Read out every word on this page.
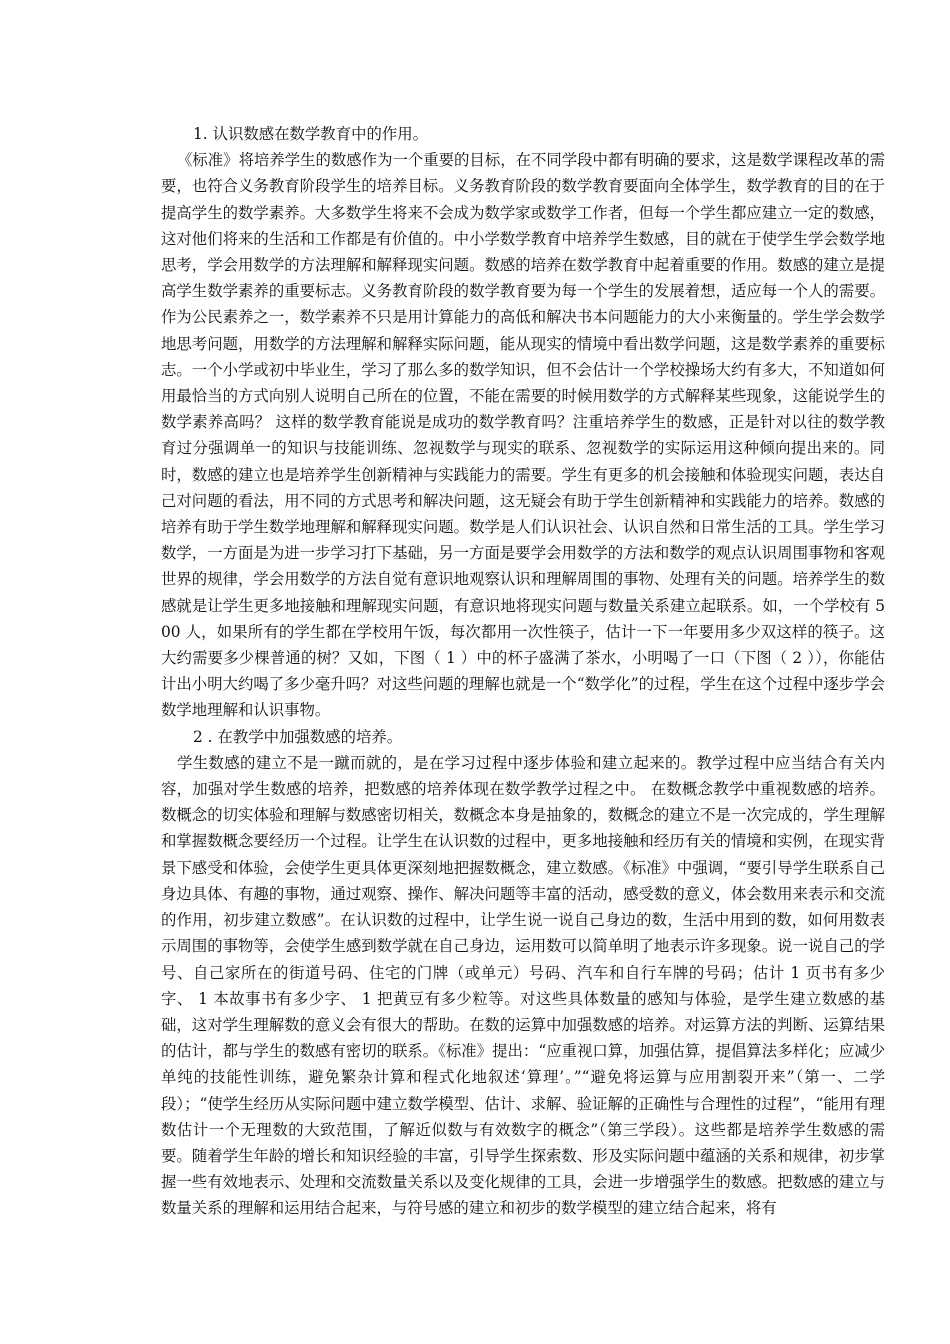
1. 认识数感在数学教育中的作用。

《标准》将培养学生的数感作为一个重要的目标，在不同学段中都有明确的要求，这是数学课程改革的需要，也符合义务教育阶段学生的培养目标。义务教育阶段的数学教育要面向全体学生，数学教育的目的在于提高学生的数学素养。大多数学生将来不会成为数学家或数学工作者，但每一个学生都应建立一定的数感，这对他们将来的生活和工作都是有价值的。中小学数学教育中培养学生数感，目的就在于使学生学会数学地思考，学会用数学的方法理解和解释现实问题。数感的培养在数学教育中起着重要的作用。数感的建立是提高学生数学素养的重要标志。义务教育阶段的数学教育要为每一个学生的发展着想，适应每一个人的需要。作为公民素养之一，数学素养不只是用计算能力的高低和解决书本问题能力的大小来衡量的。学生学会数学地思考问题，用数学的方法理解和解释实际问题，能从现实的情境中看出数学问题，这是数学素养的重要标志。一个小学或初中毕业生，学习了那么多的数学知识，但不会估计一个学校操场大约有多大，不知道如何用最恰当的方式向别人说明自己所在的位置，不能在需要的时候用数学的方式解释某些现象，这能说学生的数学素养高吗？ 这样的数学教育能说是成功的数学教育吗？注重培养学生的数感，正是针对以往的数学教育过分强调单一的知识与技能训练、忽视数学与现实的联系、忽视数学的实际运用这种倾向提出来的。同时，数感的建立也是培养学生创新精神与实践能力的需要。学生有更多的机会接触和体验现实问题，表达自己对问题的看法，用不同的方式思考和解决问题，这无疑会有助于学生创新精神和实践能力的培养。数感的培养有助于学生数学地理解和解释现实问题。数学是人们认识社会、认识自然和日常生活的工具。学生学习数学，一方面是为进一步学习打下基础，另一方面是要学会用数学的方法和数学的观点认识周围事物和客观世界的规律，学会用数学的方法自觉有意识地观察认识和理解周围的事物、处理有关的问题。培养学生的数感就是让学生更多地接触和理解现实问题，有意识地将现实问题与数量关系建立起联系。如，一个学校有 500 人，如果所有的学生都在学校用午饭，每次都用一次性筷子，估计一下一年要用多少双这样的筷子。这大约需要多少棵普通的树？又如，下图（ 1 ）中的杯子盛满了茶水，小明喝了一口（下图（ 2 ）），你能估计出小明大约喝了多少毫升吗？对这些问题的理解也就是一个“数学化”的过程，学生在这个过程中逐步学会数学地理解和认识事物。

2 . 在教学中加强数感的培养。

学生数感的建立不是一蹴而就的，是在学习过程中逐步体验和建立起来的。教学过程中应当结合有关内容，加强对学生数感的培养，把数感的培养体现在数学教学过程之中。 在数概念教学中重视数感的培养。数概念的切实体验和理解与数感密切相关，数概念本身是抽象的，数概念的建立不是一次完成的，学生理解和掌握数概念要经历一个过程。让学生在认识数的过程中，更多地接触和经历有关的情境和实例，在现实背景下感受和体验，会使学生更具体更深刻地把握数概念，建立数感。《标准》中强调，“要引导学生联系自己身边具体、有趣的事物，通过观察、操作、解决问题等丰富的活动，感受数的意义，体会数用来表示和交流的作用，初步建立数感”。在认识数的过程中，让学生说一说自己身边的数，生活中用到的数，如何用数表示周围的事物等，会使学生感到数学就在自己身边，运用数可以简单明了地表示许多现象。说一说自己的学号、自己家所在的街道号码、住宅的门牌（或单元）号码、汽车和自行车牌的号码；估计 1 页书有多少字、 1 本故事书有多少字、 1 把黄豆有多少粒等。对这些具体数量的感知与体验，是学生建立数感的基础，这对学生理解数的意义会有很大的帮助。在数的运算中加强数感的培养。对运算方法的判断、运算结果的估计，都与学生的数感有密切的联系。《标准》提出：“应重视口算，加强估算，提倡算法多样化；应减少单纯的技能性训练，避免繁杂计算和程式化地叙述‘算理’。”“避免将运算与应用割裂开来”（第一、二学段）；“使学生经历从实际问题中建立数学模型、估计、求解、验证解的正确性与合理性的过程”，“能用有理数估计一个无理数的大致范围，了解近似数与有效数字的概念”（第三学段）。这些都是培养学生数感的需要。随着学生年龄的增长和知识经验的丰富，引导学生探索数、形及实际问题中蕴涵的关系和规律，初步掌握一些有效地表示、处理和交流数量关系以及变化规律的工具，会进一步增强学生的数感。把数感的建立与数量关系的理解和运用结合起来，与符号感的建立和初步的数学模型的建立结合起来，将有
